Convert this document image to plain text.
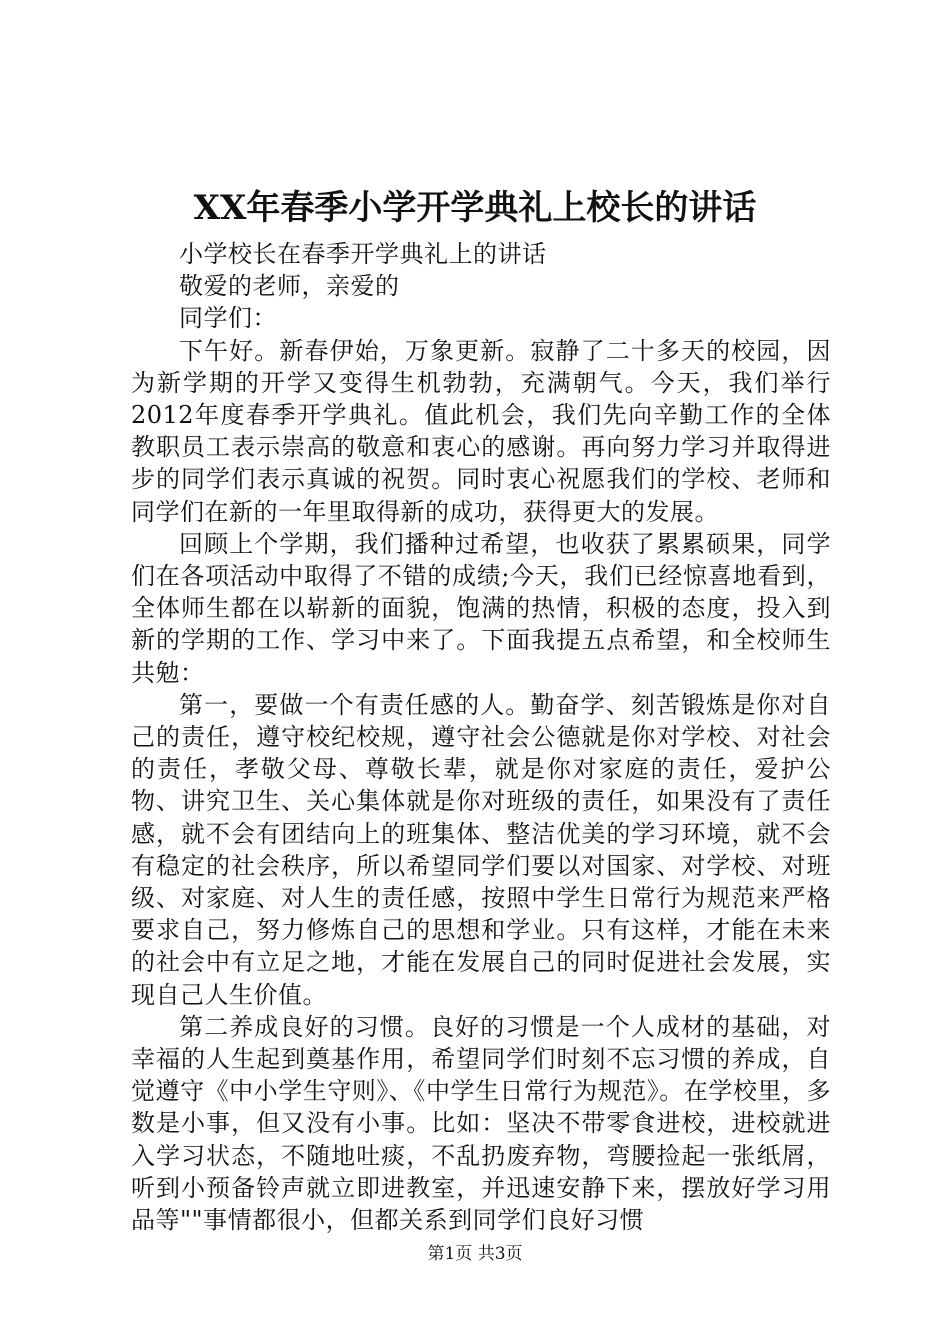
XX年春季小学开学典礼上校长的讲话

小学校长在春季开学典礼上的讲话

敬爱的老师，亲爱的

同学们：

下午好。新春伊始，万象更新。寂静了二十多天的校园，因为新学期的开学又变得生机勃勃，充满朝气。今天，我们举行2012年度春季开学典礼。值此机会，我们先向辛勤工作的全体教职员工表示崇高的敬意和衷心的感谢。再向努力学习并取得进步的同学们表示真诚的祝贺。同时衷心祝愿我们的学校、老师和同学们在新的一年里取得新的成功，获得更大的发展。

回顾上个学期，我们播种过希望，也收获了累累硕果，同学们在各项活动中取得了不错的成绩;今天，我们已经惊喜地看到，全体师生都在以崭新的面貌，饱满的热情，积极的态度，投入到新的学期的工作、学习中来了。下面我提五点希望，和全校师生共勉：

第一，要做一个有责任感的人。勤奋学、刻苦锻炼是你对自己的责任，遵守校纪校规，遵守社会公德就是你对学校、对社会的责任，孝敬父母、尊敬长辈，就是你对家庭的责任，爱护公物、讲究卫生、关心集体就是你对班级的责任，如果没有了责任感，就不会有团结向上的班集体、整洁优美的学习环境，就不会有稳定的社会秩序，所以希望同学们要以对国家、对学校、对班级、对家庭、对人生的责任感，按照中学生日常行为规范来严格要求自己，努力修炼自己的思想和学业。只有这样，才能在未来的社会中有立足之地，才能在发展自己的同时促进社会发展，实现自己人生价值。

第二养成良好的习惯。良好的习惯是一个人成材的基础，对幸福的人生起到奠基作用，希望同学们时刻不忘习惯的养成，自觉遵守《中小学生守则》、《中学生日常行为规范》。在学校里，多数是小事，但又没有小事。比如：坚决不带零食进校，进校就进入学习状态，不随地吐痰，不乱扔废弃物，弯腰捡起一张纸屑，听到小预备铃声就立即进教室，并迅速安静下来，摆放好学习用品等""事情都很小，但都关系到同学们良好习惯

第1页 共3页
